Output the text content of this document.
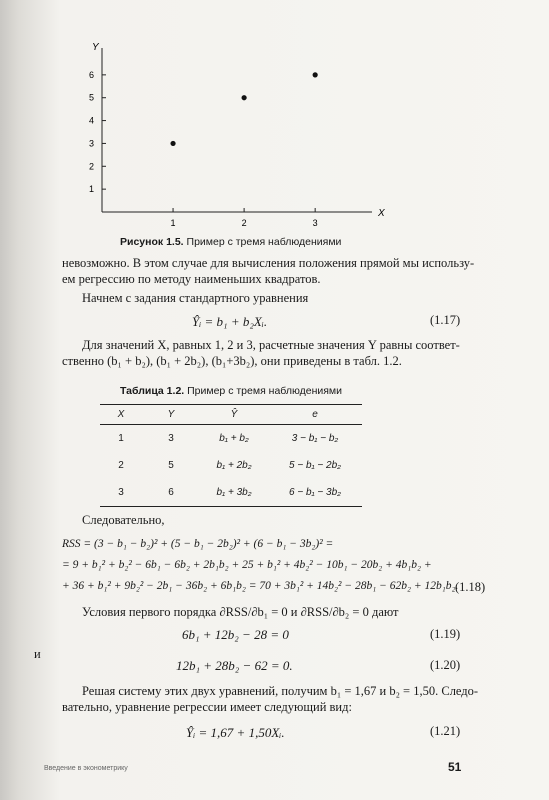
1	2	3
1
2
3
4
5
6
X
Y
Рисунок 1.5. Пример с тремя наблюдениями
невозможно. В этом случае для вычисления положения прямой мы использу-
ем регрессию по методу наименьших квадратов.
Начнем с задания стандартного уравнения
Ŷᵢ = b₁ + b₂Xᵢ.	(1.17)
Для значений X, равных 1, 2 и 3, расчетные значения Y равны соответ-
ственно (b₁ + b₂), (b₁ + 2b₂), (b₁+3b₂), они приведены в табл. 1.2.
Таблица 1.2. Пример с тремя наблюдениями
X	Y	Ŷ	e
1	3	b₁ + b₂	3 − b₁ − b₂
2	5	b₁ + 2b₂	5 − b₁ − 2b₂
3	6	b₁ + 3b₂	6 − b₁ − 3b₂
Следовательно,
RSS = (3 − b₁ − b₂)² + (5 − b₁ − 2b₂)² + (6 − b₁ − 3b₂)² =
= 9 + b₁² + b₂² − 6b₁ − 6b₂ + 2b₁b₂ + 25 + b₁² + 4b₂² − 10b₁ − 20b₂ + 4b₁b₂ +
+ 36 + b₁² + 9b₂² − 2b₁ − 36b₂ + 6b₁b₂ = 70 + 3b₁² + 14b₂² − 28b₁ − 62b₂ + 12b₁b₂.
(1.18)
Условия первого порядка ∂RSS/∂b₁ = 0 и ∂RSS/∂b₂ = 0 дают
6b₁ + 12b₂ − 28 = 0	(1.19)
и
12b₁ + 28b₂ − 62 = 0.	(1.20)
Решая систему этих двух уравнений, получим b₁ = 1,67 и b₂ = 1,50. Следо-
вательно, уравнение регрессии имеет следующий вид:
Ŷᵢ = 1,67 + 1,50Xᵢ.	(1.21)
Введение в эконометрику	51
